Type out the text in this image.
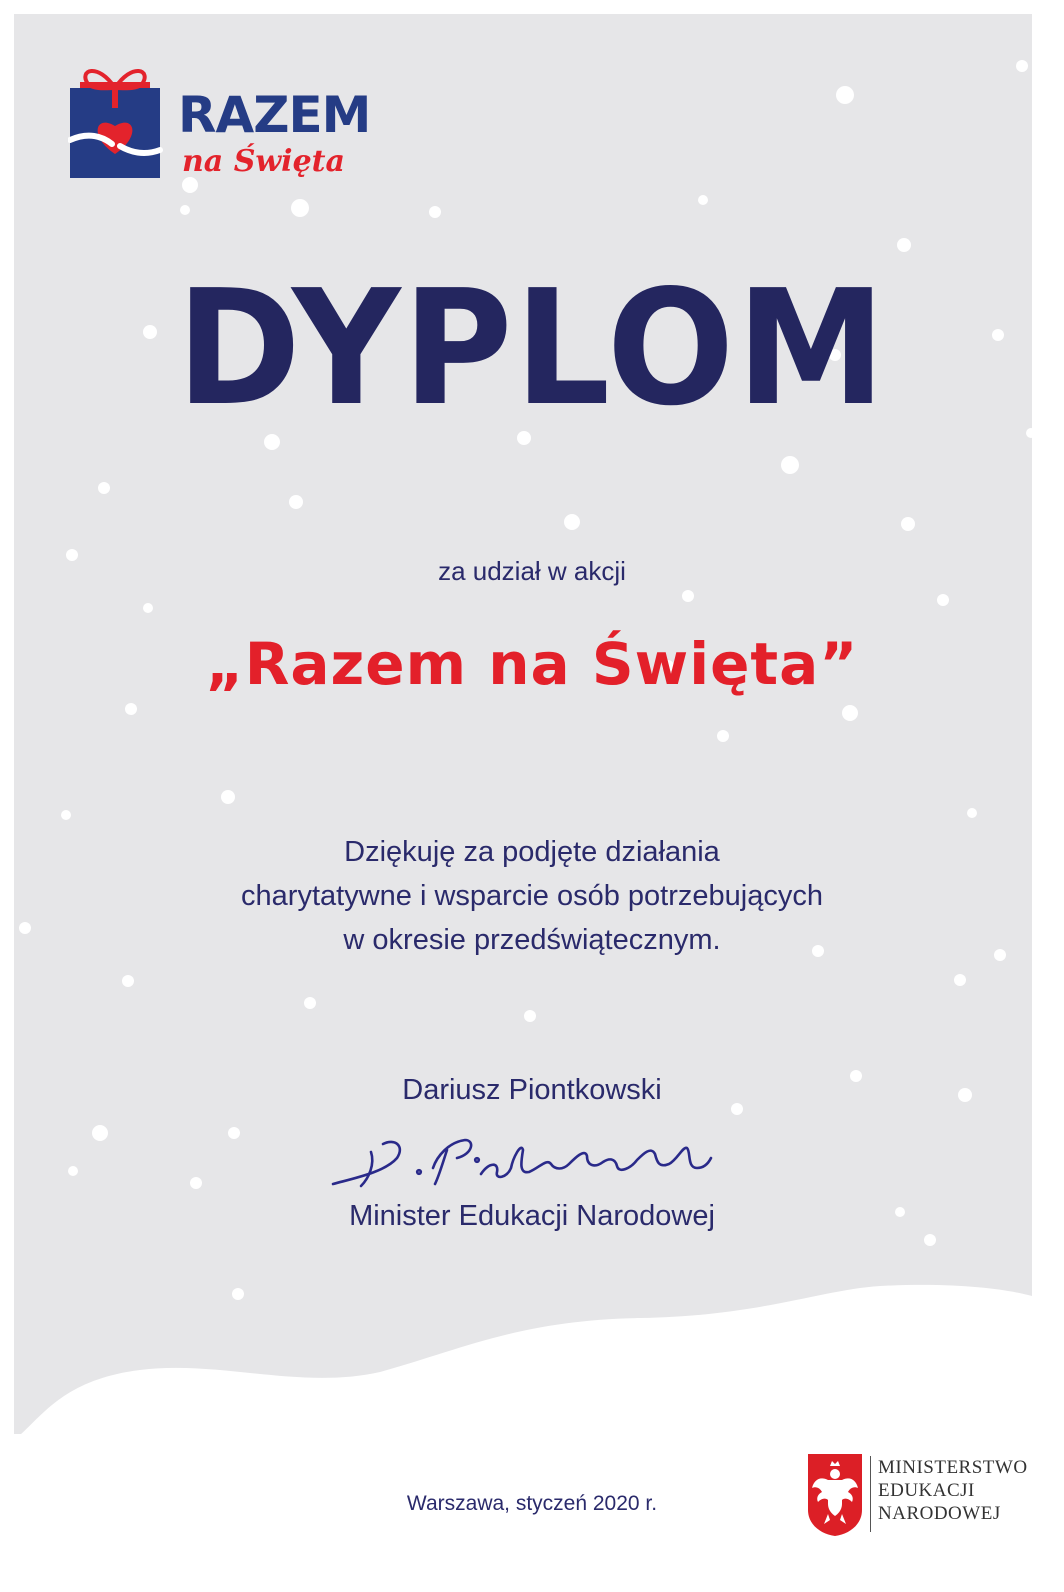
RAZEM
na Święta
DYPLOM
za udział w akcji
„Razem na Święta”
Dziękuję za podjęte działania
charytatywne i wsparcie osób potrzebujących
w okresie przedświątecznym.
Dariusz Piontkowski
Minister Edukacji Narodowej
Warszawa, styczeń 2020 r.
MINISTERSTWO
EDUKACJI
NARODOWEJ
